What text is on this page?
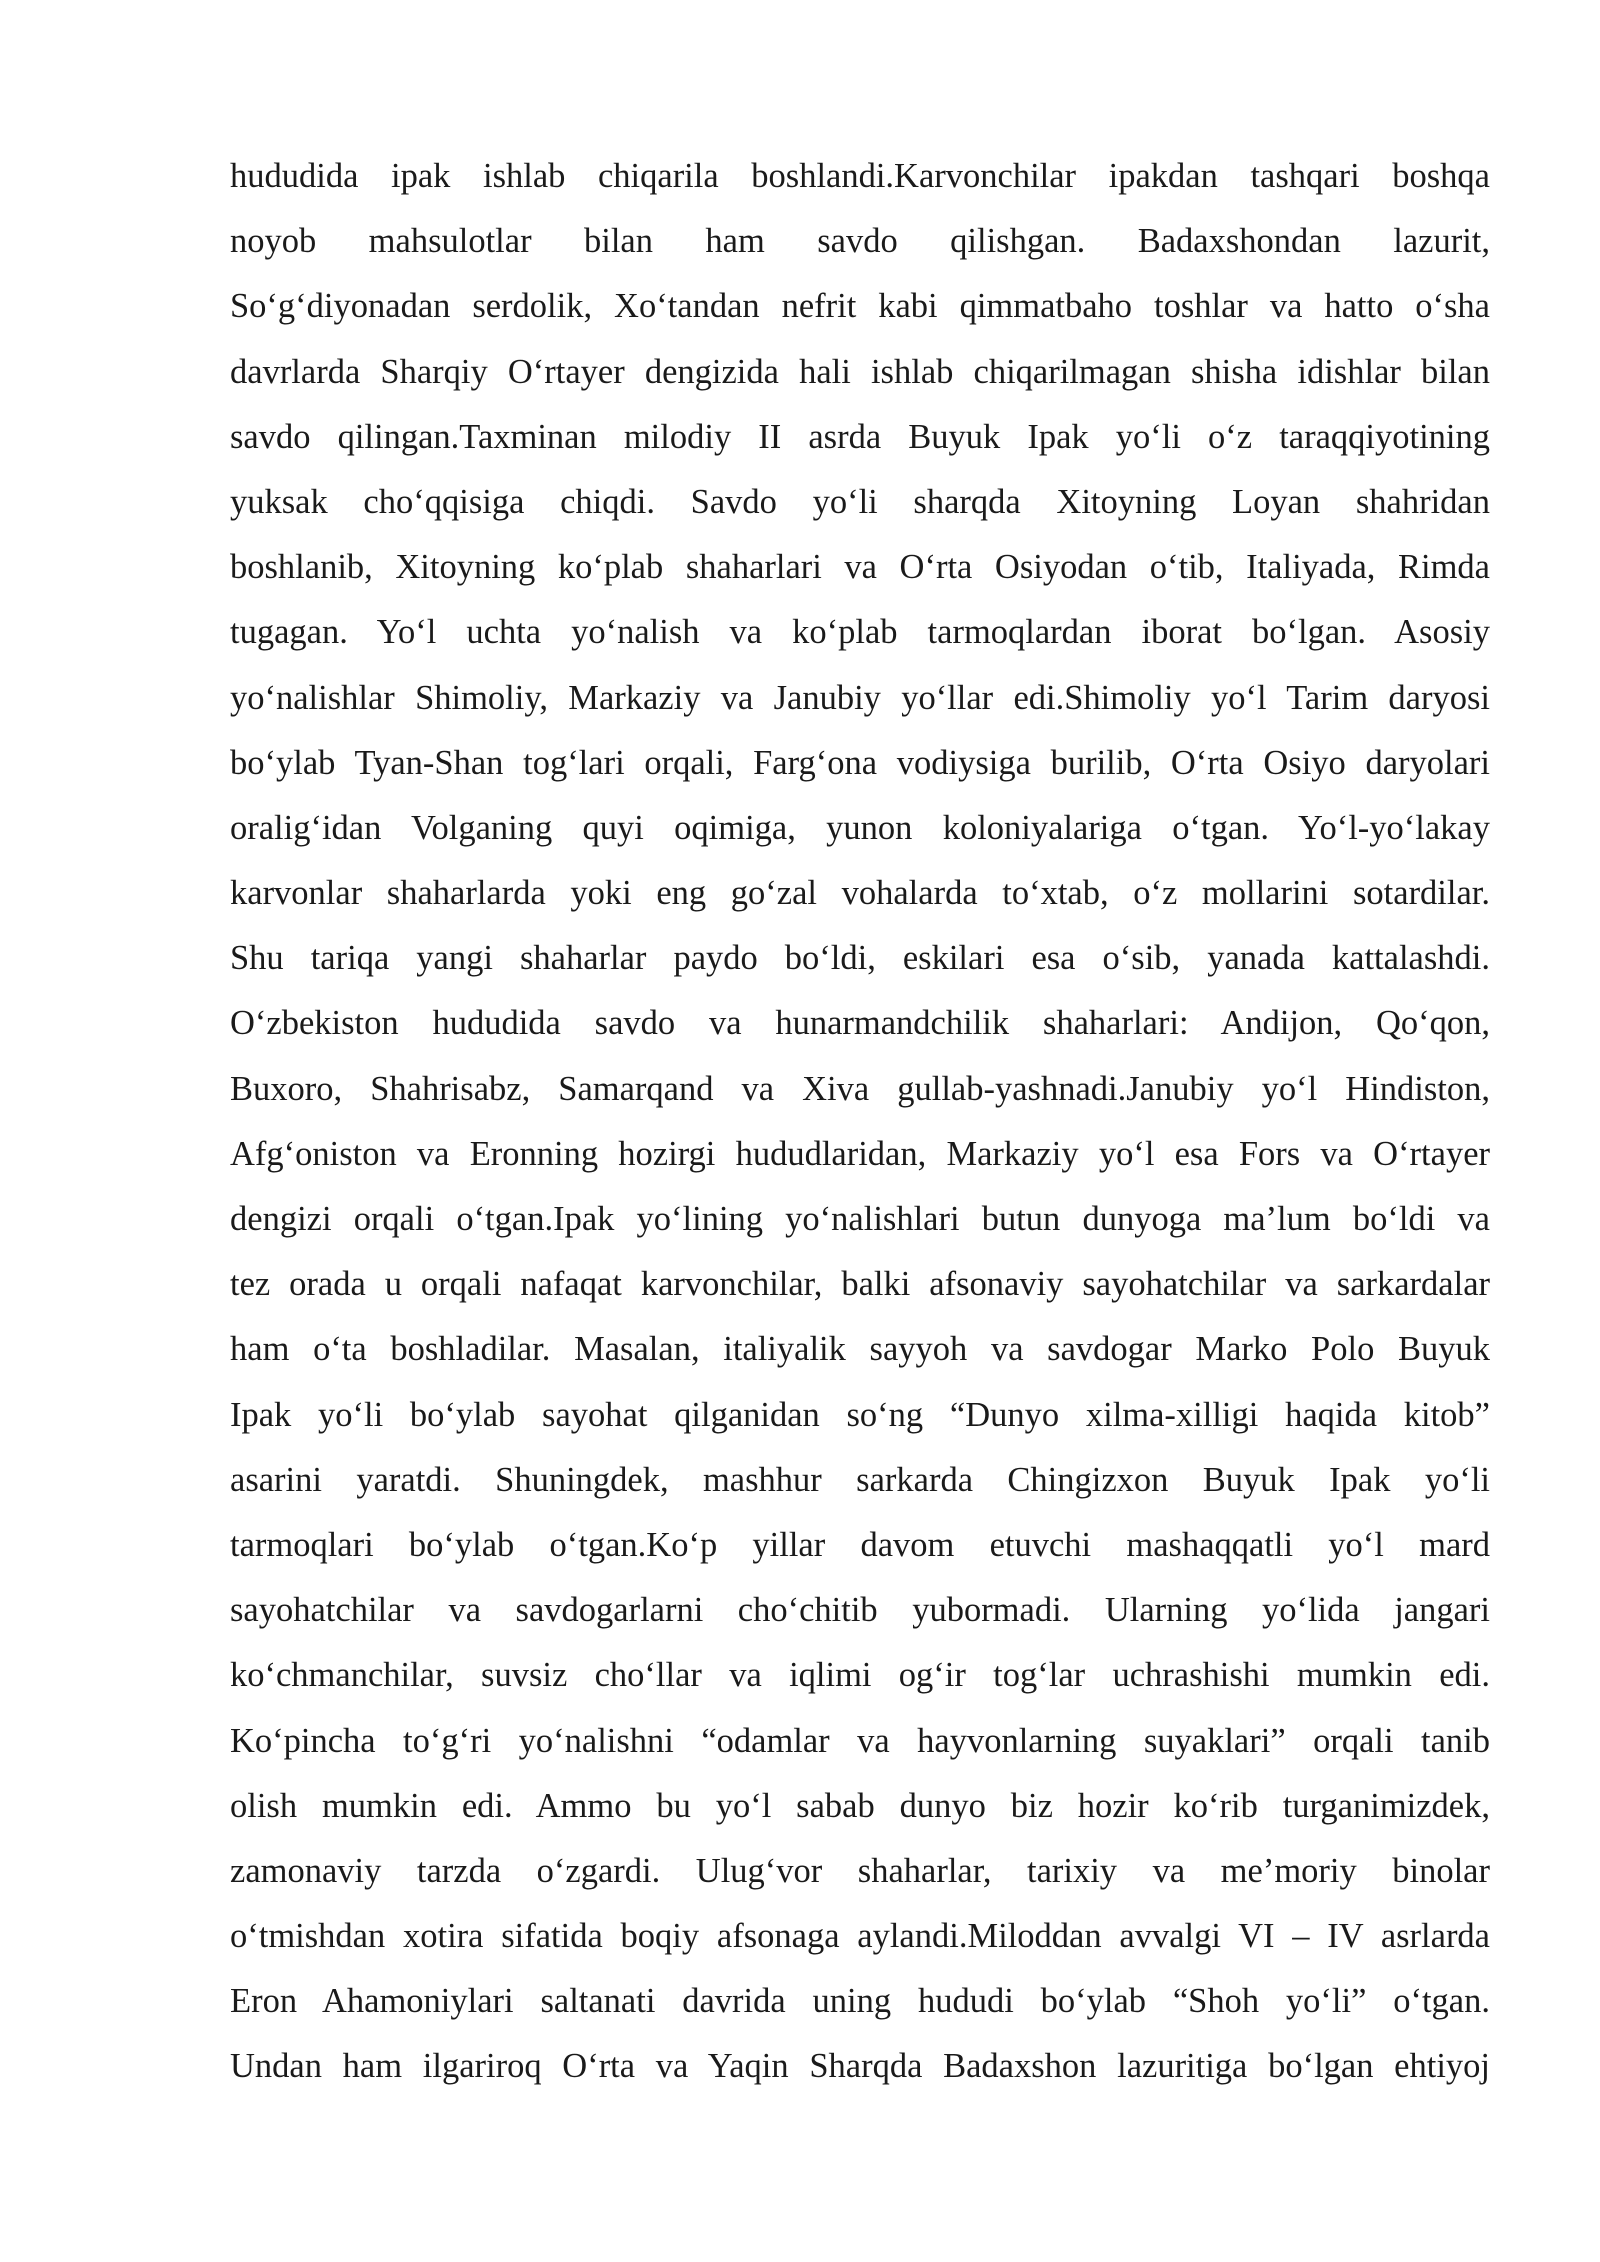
hududida ipak ishlab chiqarila boshlandi.Karvonchilar ipakdan tashqari boshqa
noyob mahsulotlar bilan ham savdo qilishgan. Badaxshondan lazurit,
So‘g‘diyonadan serdolik, Xo‘tandan nefrit kabi qimmatbaho toshlar va hatto o‘sha
davrlarda Sharqiy O‘rtayer dengizida hali ishlab chiqarilmagan shisha idishlar bilan
savdo qilingan.Taxminan milodiy II asrda Buyuk Ipak yo‘li o‘z taraqqiyotining
yuksak cho‘qqisiga chiqdi. Savdo yo‘li sharqda Xitoyning Loyan shahridan
boshlanib, Xitoyning ko‘plab shaharlari va O‘rta Osiyodan o‘tib, Italiyada, Rimda
tugagan. Yo‘l uchta yo‘nalish va ko‘plab tarmoqlardan iborat bo‘lgan. Asosiy
yo‘nalishlar Shimoliy, Markaziy va Janubiy yo‘llar edi.Shimoliy yo‘l Tarim daryosi
bo‘ylab Tyan-Shan tog‘lari orqali, Farg‘ona vodiysiga burilib, O‘rta Osiyo daryolari
oralig‘idan Volganing quyi oqimiga, yunon koloniyalariga o‘tgan. Yo‘l-yo‘lakay
karvonlar shaharlarda yoki eng go‘zal vohalarda to‘xtab, o‘z mollarini sotardilar.
Shu tariqa yangi shaharlar paydo bo‘ldi, eskilari esa o‘sib, yanada kattalashdi.
O‘zbekiston hududida savdo va hunarmandchilik shaharlari: Andijon, Qo‘qon,
Buxoro, Shahrisabz, Samarqand va Xiva gullab-yashnadi.Janubiy yo‘l Hindiston,
Afg‘oniston va Eronning hozirgi hududlaridan, Markaziy yo‘l esa Fors va O‘rtayer
dengizi orqali o‘tgan.Ipak yo‘lining yo‘nalishlari butun dunyoga ma’lum bo‘ldi va
tez orada u orqali nafaqat karvonchilar, balki afsonaviy sayohatchilar va sarkardalar
ham o‘ta boshladilar. Masalan, italiyalik sayyoh va savdogar Marko Polo Buyuk
Ipak yo‘li bo‘ylab sayohat qilganidan so‘ng “Dunyo xilma-xilligi haqida kitob”
asarini yaratdi. Shuningdek, mashhur sarkarda Chingizxon Buyuk Ipak yo‘li
tarmoqlari bo‘ylab o‘tgan.Ko‘p yillar davom etuvchi mashaqqatli yo‘l mard
sayohatchilar va savdogarlarni cho‘chitib yubormadi. Ularning yo‘lida jangari
ko‘chmanchilar, suvsiz cho‘llar va iqlimi og‘ir tog‘lar uchrashishi mumkin edi.
Ko‘pincha to‘g‘ri yo‘nalishni “odamlar va hayvonlarning suyaklari” orqali tanib
olish mumkin edi. Ammo bu yo‘l sabab dunyo biz hozir ko‘rib turganimizdek,
zamonaviy tarzda o‘zgardi. Ulug‘vor shaharlar, tarixiy va me’moriy binolar
o‘tmishdan xotira sifatida boqiy afsonaga aylandi.Miloddan avvalgi VI – IV asrlarda
Eron Ahamoniylari saltanati davrida uning hududi bo‘ylab “Shoh yo‘li” o‘tgan.
Undan ham ilgariroq O‘rta va Yaqin Sharqda Badaxshon lazuritiga bo‘lgan ehtiyoj
